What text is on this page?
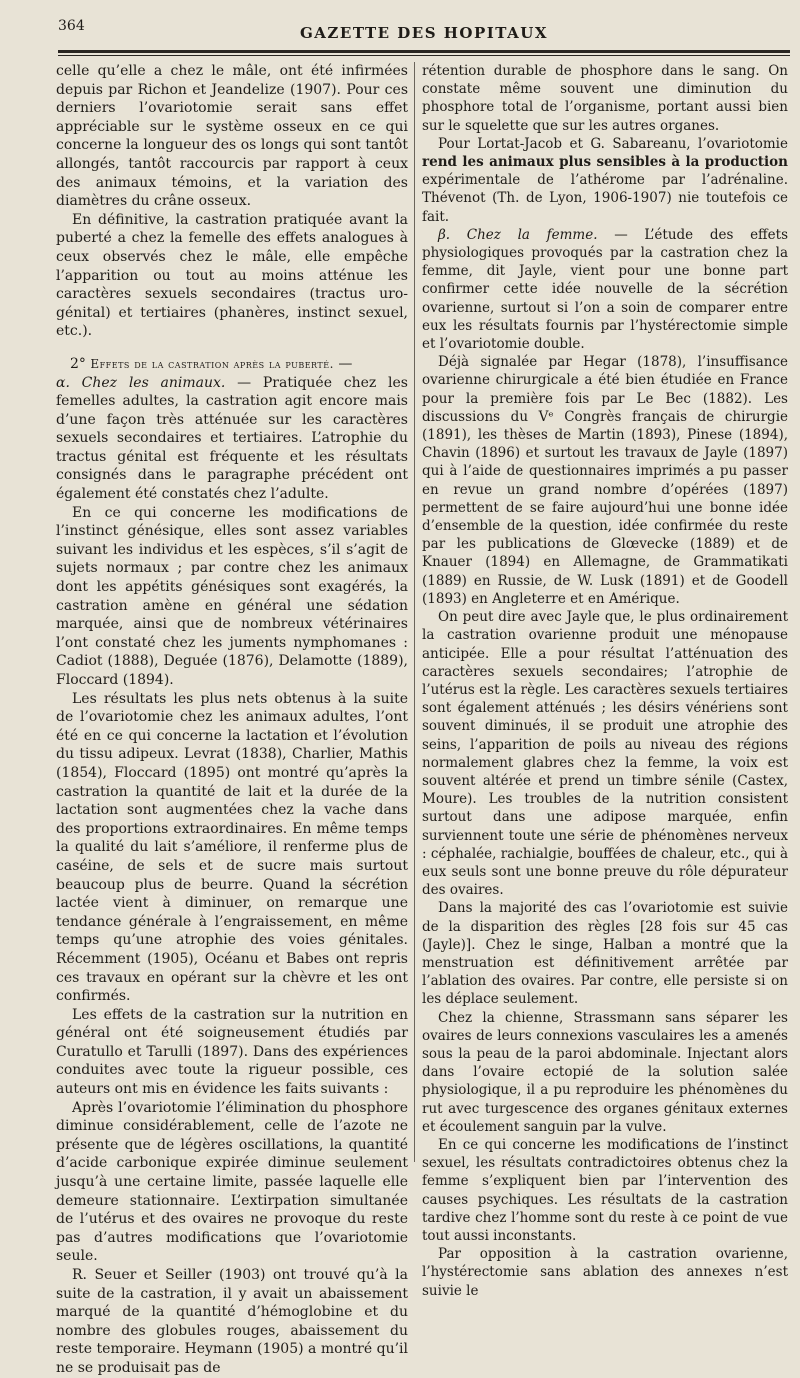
364	GAZETTE DES HOPITAUX

celle qu’elle a chez le mâle, ont été infirmées depuis par Richon et Jeandelize (1907). Pour ces derniers l’ovariotomie serait sans effet appréciable sur le système osseux en ce qui concerne la longueur des os longs qui sont tantôt allongés, tantôt raccourcis par rapport à ceux des animaux témoins, et la variation des diamètres du crâne osseux.

En définitive, la castration pratiquée avant la puberté a chez la femelle des effets analogues à ceux observés chez le mâle, elle empêche l’apparition ou tout au moins atténue les caractères sexuels secondaires (tractus uro-génital) et tertiaires (phanères, instinct sexuel, etc.).

2° Effets de la castration après la puberté. —

α. Chez les animaux. — Pratiquée chez les femelles adultes, la castration agit encore mais d’une façon très atténuée sur les caractères sexuels secondaires et tertiaires. L’atrophie du tractus génital est fréquente et les résultats consignés dans le paragraphe précédent ont également été constatés chez l’adulte.

En ce qui concerne les modifications de l’instinct génésique, elles sont assez variables suivant les individus et les espèces, s’il s’agit de sujets normaux ; par contre chez les animaux dont les appétits génésiques sont exagérés, la castration amène en général une sédation marquée, ainsi que de nombreux vétérinaires l’ont constaté chez les juments nymphomanes : Cadiot (1888), Deguée (1876), Delamotte (1889), Floccard (1894).

Les résultats les plus nets obtenus à la suite de l’ovariotomie chez les animaux adultes, l’ont été en ce qui concerne la lactation et l’évolution du tissu adipeux. Levrat (1838), Charlier, Mathis (1854), Floccard (1895) ont montré qu’après la castration la quantité de lait et la durée de la lactation sont augmentées chez la vache dans des proportions extraordinaires. En même temps la qualité du lait s’améliore, il renferme plus de caséine, de sels et de sucre mais surtout beaucoup plus de beurre. Quand la sécrétion lactée vient à diminuer, on remarque une tendance générale à l’engraissement, en même temps qu’une atrophie des voies génitales. Récemment (1905), Océanu et Babes ont repris ces travaux en opérant sur la chèvre et les ont confirmés.

Les effets de la castration sur la nutrition en général ont été soigneusement étudiés par Curatullo et Tarulli (1897). Dans des expériences conduites avec toute la rigueur possible, ces auteurs ont mis en évidence les faits suivants :

Après l’ovariotomie l’élimination du phosphore diminue considérablement, celle de l’azote ne présente que de légères oscillations, la quantité d’acide carbonique expirée diminue seulement jusqu’à une certaine limite, passée laquelle elle demeure stationnaire. L’extirpation simultanée de l’utérus et des ovaires ne provoque du reste pas d’autres modifications que l’ovariotomie seule.

R. Seuer et Seiller (1903) ont trouvé qu’à la suite de la castration, il y avait un abaissement marqué de la quantité d’hémoglobine et du nombre des globules rouges, abaissement du reste temporaire. Heymann (1905) a montré qu’il ne se produisait pas de

rétention durable de phosphore dans le sang. On constate même souvent une diminution du phosphore total de l’organisme, portant aussi bien sur le squelette que sur les autres organes.

Pour Lortat-Jacob et G. Sabareanu, l’ovariotomie rend les animaux plus sensibles à la production expérimentale de l’athérome par l’adrénaline. Thévenot (Th. de Lyon, 1906-1907) nie toutefois ce fait.

β. Chez la femme. — L’étude des effets physiologiques provoqués par la castration chez la femme, dit Jayle, vient pour une bonne part confirmer cette idée nouvelle de la sécrétion ovarienne, surtout si l’on a soin de comparer entre eux les résultats fournis par l’hystérectomie simple et l’ovariotomie double.

Déjà signalée par Hegar (1878), l’insuffisance ovarienne chirurgicale a été bien étudiée en France pour la première fois par Le Bec (1882). Les discussions du Vᵉ Congrès français de chirurgie (1891), les thèses de Martin (1893), Pinese (1894), Chavin (1896) et surtout les travaux de Jayle (1897) qui à l’aide de questionnaires imprimés a pu passer en revue un grand nombre d’opérées (1897) permettent de se faire aujourd’hui une bonne idée d’ensemble de la question, idée confirmée du reste par les publications de Glœvecke (1889) et de Knauer (1894) en Allemagne, de Grammatikati (1889) en Russie, de W. Lusk (1891) et de Goodell (1893) en Angleterre et en Amérique.

On peut dire avec Jayle que, le plus ordinairement la castration ovarienne produit une ménopause anticipée. Elle a pour résultat l’atténuation des caractères sexuels secondaires; l’atrophie de l’utérus est la règle. Les caractères sexuels tertiaires sont également atténués ; les désirs vénériens sont souvent diminués, il se produit une atrophie des seins, l’apparition de poils au niveau des régions normalement glabres chez la femme, la voix est souvent altérée et prend un timbre sénile (Castex, Moure). Les troubles de la nutrition consistent surtout dans une adipose marquée, enfin surviennent toute une série de phénomènes nerveux : céphalée, rachialgie, bouffées de chaleur, etc., qui à eux seuls sont une bonne preuve du rôle dépurateur des ovaires.

Dans la majorité des cas l’ovariotomie est suivie de la disparition des règles [28 fois sur 45 cas (Jayle)]. Chez le singe, Halban a montré que la menstruation est définitivement arrêtée par l’ablation des ovaires. Par contre, elle persiste si on les déplace seulement.

Chez la chienne, Strassmann sans séparer les ovaires de leurs connexions vasculaires les a amenés sous la peau de la paroi abdominale. Injectant alors dans l’ovaire ectopié de la solution salée physiologique, il a pu reproduire les phénomènes du rut avec turgescence des organes génitaux externes et écoulement sanguin par la vulve.

En ce qui concerne les modifications de l’instinct sexuel, les résultats contradictoires obtenus chez la femme s’expliquent bien par l’intervention des causes psychiques. Les résultats de la castration tardive chez l’homme sont du reste à ce point de vue tout aussi inconstants.

Par opposition à la castration ovarienne, l’hystérectomie sans ablation des annexes n’est suivie le
